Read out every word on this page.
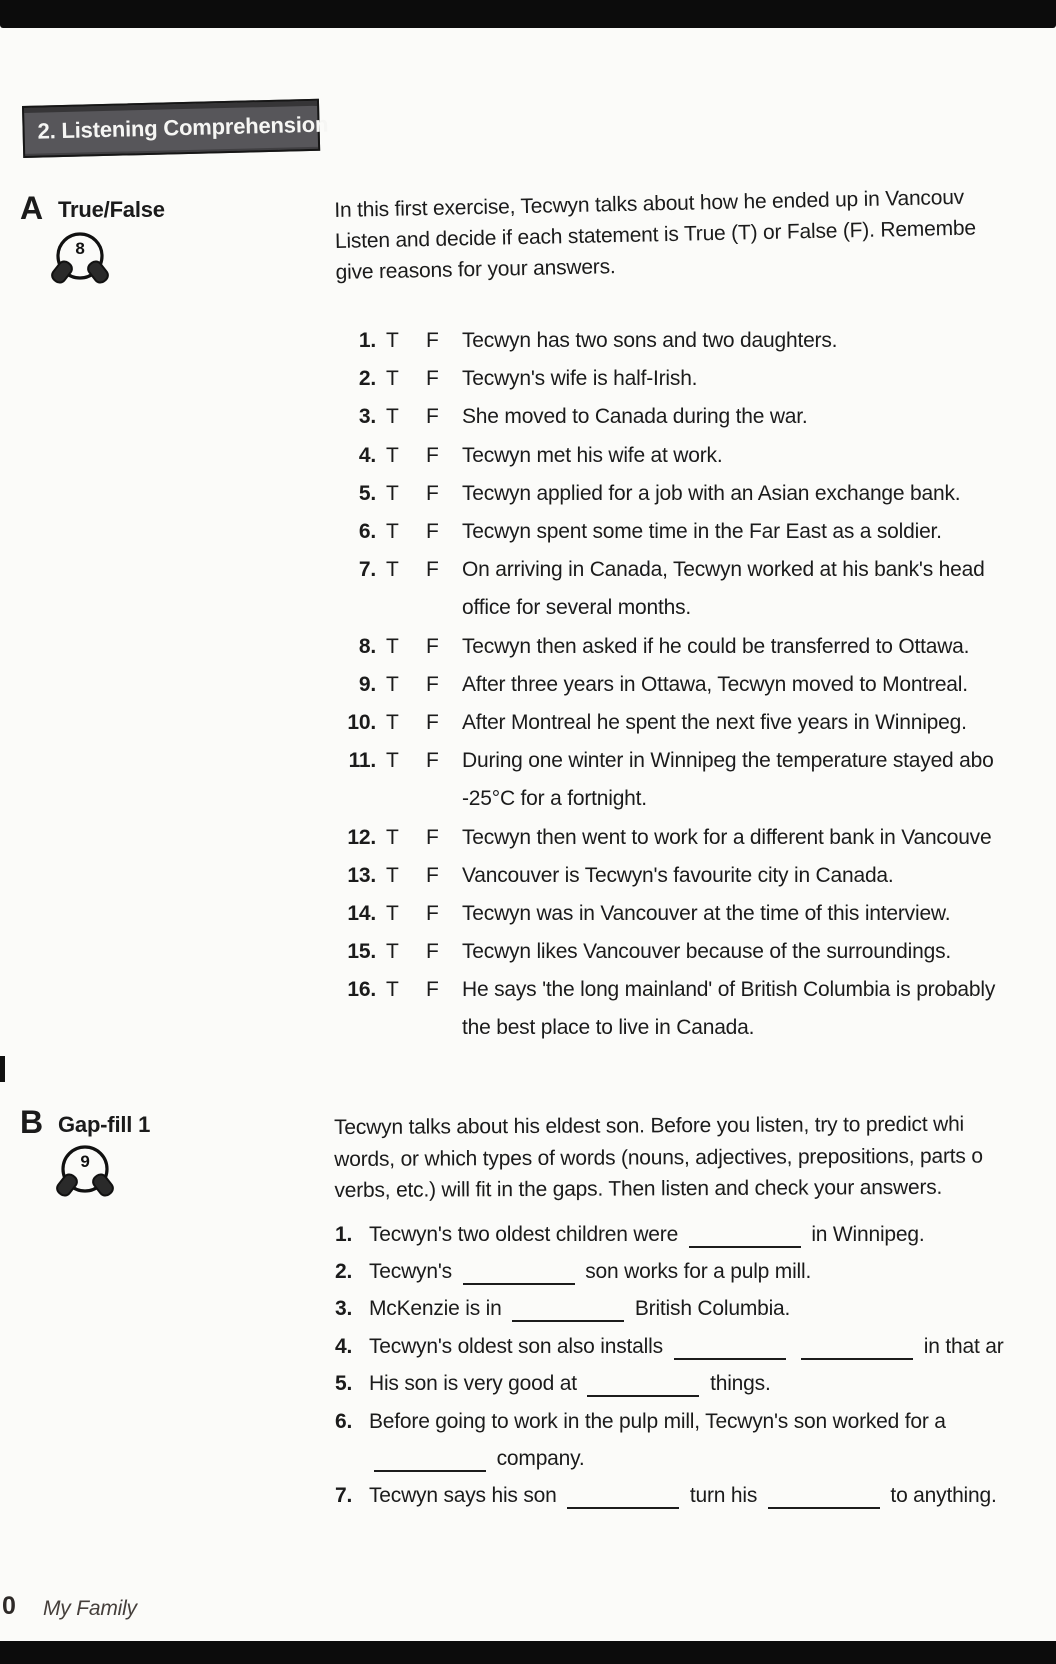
2. Listening Comprehension
A True/False
8
In this first exercise, Tecwyn talks about how he ended up in Vancouv
Listen and decide if each statement is True (T) or False (F). Remembe
give reasons for your answers.
1. T F Tecwyn has two sons and two daughters.
2. T F Tecwyn's wife is half-Irish.
3. T F She moved to Canada during the war.
4. T F Tecwyn met his wife at work.
5. T F Tecwyn applied for a job with an Asian exchange bank.
6. T F Tecwyn spent some time in the Far East as a soldier.
7. T F On arriving in Canada, Tecwyn worked at his bank's head
office for several months.
8. T F Tecwyn then asked if he could be transferred to Ottawa.
9. T F After three years in Ottawa, Tecwyn moved to Montreal.
10. T F After Montreal he spent the next five years in Winnipeg.
11. T F During one winter in Winnipeg the temperature stayed abo
-25°C for a fortnight.
12. T F Tecwyn then went to work for a different bank in Vancouve
13. T F Vancouver is Tecwyn's favourite city in Canada.
14. T F Tecwyn was in Vancouver at the time of this interview.
15. T F Tecwyn likes Vancouver because of the surroundings.
16. T F He says 'the long mainland' of British Columbia is probably
the best place to live in Canada.
B Gap-fill 1
9
Tecwyn talks about his eldest son. Before you listen, try to predict whi
words, or which types of words (nouns, adjectives, prepositions, parts o
verbs, etc.) will fit in the gaps. Then listen and check your answers.
1. Tecwyn's two oldest children were	in Winnipeg.
2. Tecwyn's	son works for a pulp mill.
3. McKenzie is in	British Columbia.
4. Tecwyn's oldest son also installs	in that ar
5. His son is very good at	things.
6. Before going to work in the pulp mill, Tecwyn's son worked for a
company.
7. Tecwyn says his son	turn his	to anything.
0 My Family
